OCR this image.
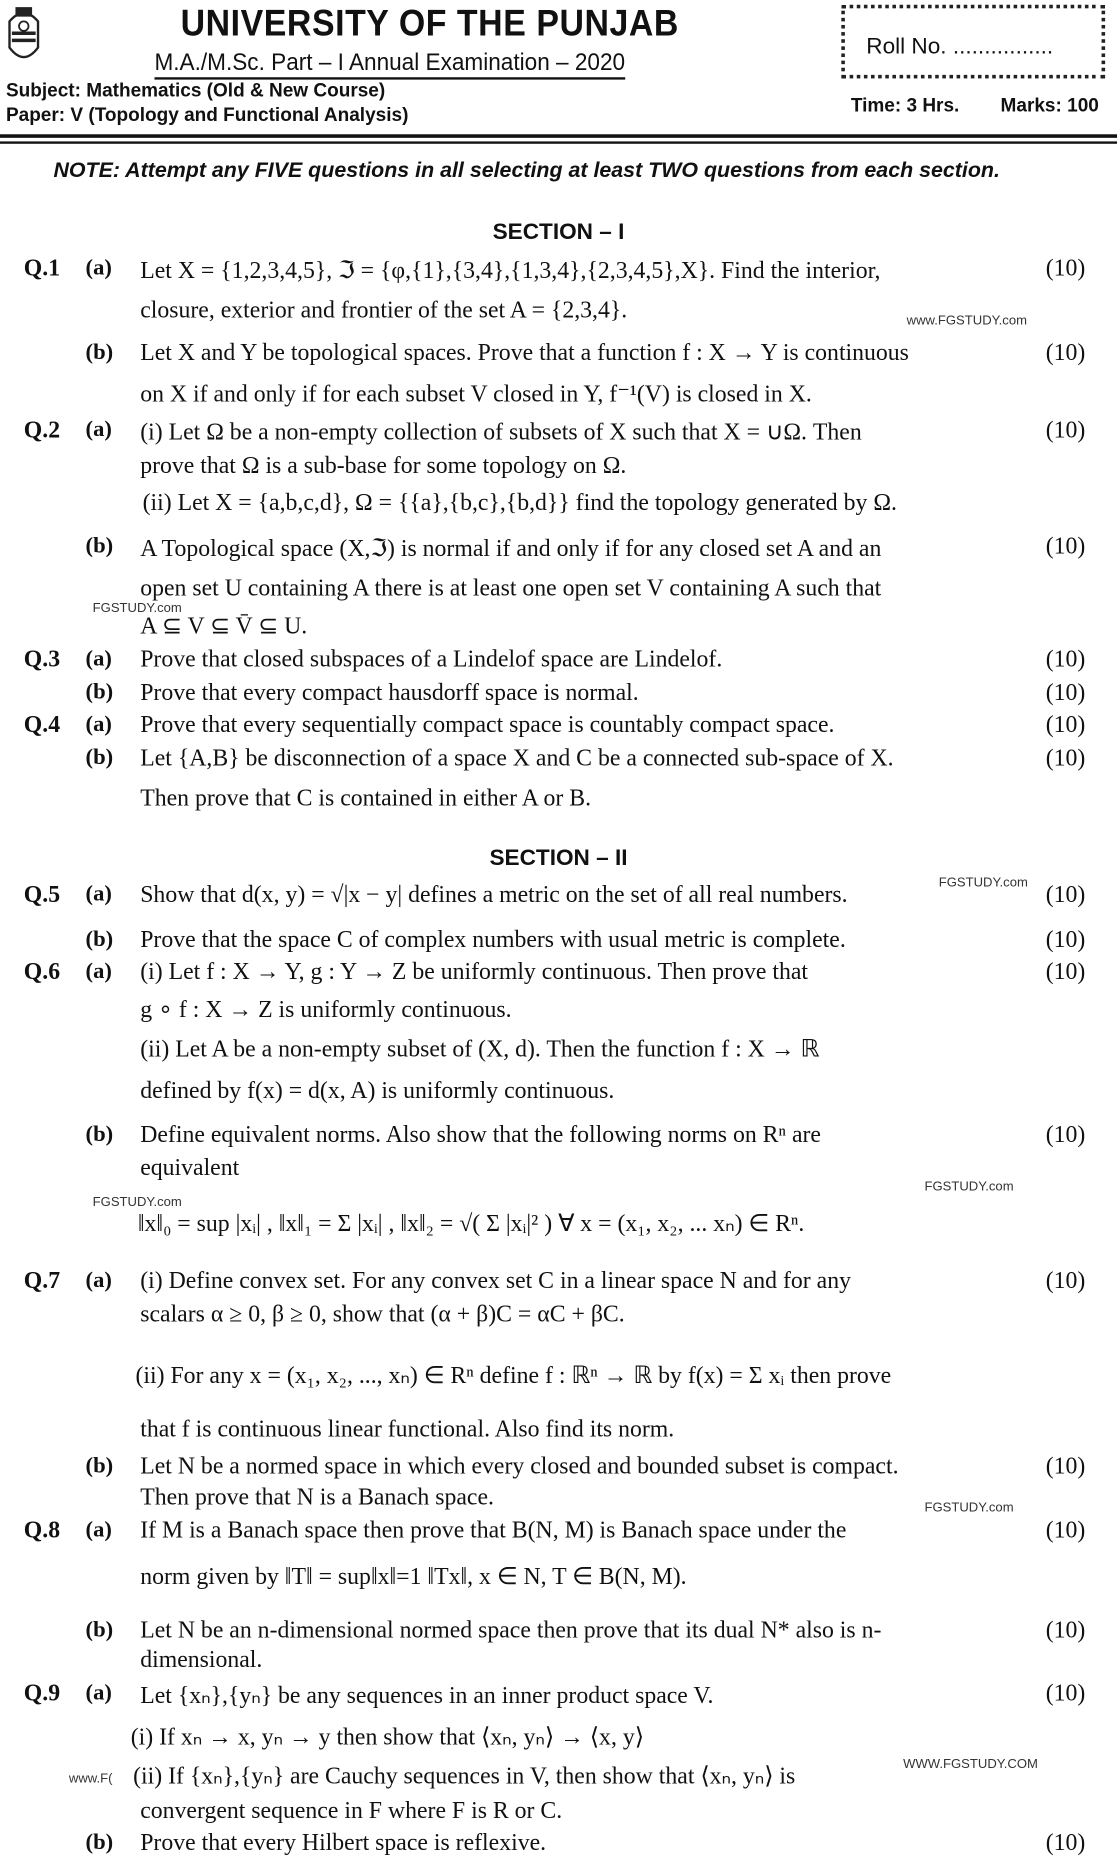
UNIVERSITY OF THE PUNJAB
M.A./M.Sc. Part – I Annual Examination – 2020
Subject: Mathematics (Old & New Course)
Paper: V (Topology and Functional Analysis)
Roll No. ................
Time: 3 Hrs.	Marks: 100
NOTE: Attempt any FIVE questions in all selecting at least TWO questions from each section.
SECTION – I
SECTION – II
Q.1 (a) Let X = {1,2,3,4,5}, ℑ = {φ,{1},{3,4},{1,3,4},{2,3,4,5},X}. Find the interior,	(10)
closure, exterior and frontier of the set A = {2,3,4}.
(b) Let X and Y be topological spaces. Prove that a function f : X → Y is continuous	(10)
on X if and only if for each subset V closed in Y, f⁻¹(V) is closed in X.
Q.2 (a) (i) Let Ω be a non-empty collection of subsets of X such that X = ∪Ω. Then	(10)
prove that Ω is a sub-base for some topology on Ω.
(ii) Let X = {a,b,c,d}, Ω = {{a},{b,c},{b,d}} find the topology generated by Ω.
(b) A Topological space (X,ℑ) is normal if and only if for any closed set A and an	(10)
open set U containing A there is at least one open set V containing A such that
A ⊆ V ⊆ V̄ ⊆ U.
Q.3 (a) Prove that closed subspaces of a Lindelof space are Lindelof.	(10)
(b) Prove that every compact hausdorff space is normal.	(10)
Q.4 (a) Prove that every sequentially compact space is countably compact space.	(10)
(b) Let {A,B} be disconnection of a space X and C be a connected sub-space of X.	(10)
Then prove that C is contained in either A or B.
Q.5 (a) Show that d(x, y) = √|x − y| defines a metric on the set of all real numbers.	(10)
(b) Prove that the space C of complex numbers with usual metric is complete.	(10)
Q.6 (a) (i) Let f : X → Y, g : Y → Z be uniformly continuous. Then prove that	(10)
g ∘ f : X → Z is uniformly continuous.
(ii) Let A be a non-empty subset of (X, d). Then the function f : X → ℝ
defined by f(x) = d(x, A) is uniformly continuous.
(b) Define equivalent norms. Also show that the following norms on Rⁿ are	(10)
equivalent
‖x‖₀ = sup |xᵢ| , ‖x‖₁ = Σ |xᵢ| , ‖x‖₂ = √( Σ |xᵢ|² ) ∀ x = (x₁, x₂, ... xₙ) ∈ Rⁿ.
Q.7 (a) (i) Define convex set. For any convex set C in a linear space N and for any	(10)
scalars α ≥ 0, β ≥ 0, show that (α + β)C = αC + βC.
(ii) For any x = (x₁, x₂, ..., xₙ) ∈ Rⁿ define f : ℝⁿ → ℝ by f(x) = Σ xᵢ then prove
that f is continuous linear functional. Also find its norm.
(b) Let N be a normed space in which every closed and bounded subset is compact.	(10)
Then prove that N is a Banach space.
Q.8 (a) If M is a Banach space then prove that B(N, M) is Banach space under the	(10)
norm given by ‖T‖ = sup‖x‖=1 ‖Tx‖, x ∈ N, T ∈ B(N, M).
(b) Let N be an n-dimensional normed space then prove that its dual N* also is n-	(10)
dimensional.
Q.9 (a) Let {xₙ},{yₙ} be any sequences in an inner product space V.	(10)
(i) If xₙ → x, yₙ → y then show that ⟨xₙ, yₙ⟩ → ⟨x, y⟩
(ii) If {xₙ},{yₙ} are Cauchy sequences in V, then show that ⟨xₙ, yₙ⟩ is
convergent sequence in F where F is R or C.
(b) Prove that every Hilbert space is reflexive.	(10)
www.FGSTUDY.com
FGSTUDY.com
FGSTUDY.com
FGSTUDY.com
FGSTUDY.com
FGSTUDY.com
WWW.FGSTUDY.COM
www.F(
